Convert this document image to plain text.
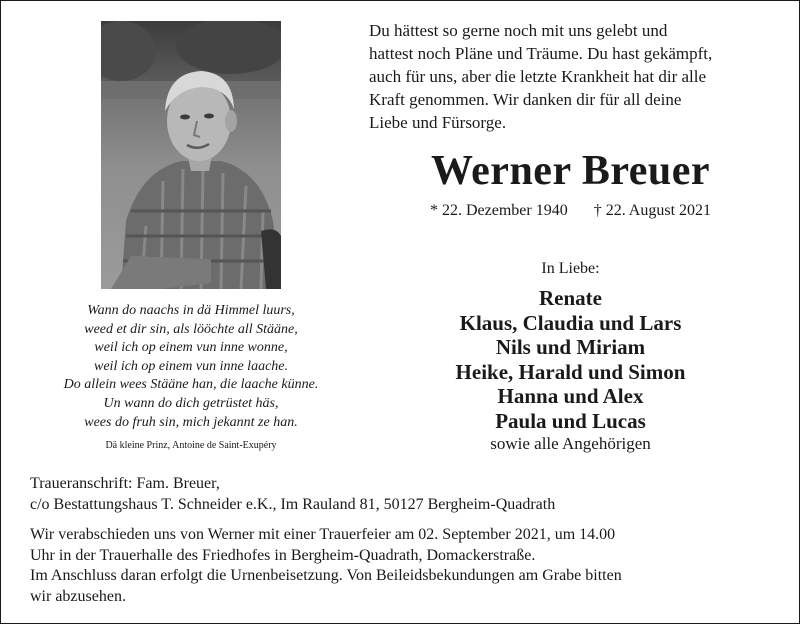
Du hättest so gerne noch mit uns gelebt und
hattest noch Pläne und Träume. Du hast gekämpft,
auch für uns, aber die letzte Krankheit hat dir alle
Kraft genommen. Wir danken dir für all deine
Liebe und Fürsorge.
Werner Breuer
* 22. Dezember 1940 † 22. August 2021
In Liebe:
Renate
Klaus, Claudia und Lars
Nils und Miriam
Heike, Harald und Simon
Hanna und Alex
Paula und Lucas
sowie alle Angehörigen
Wann do naachs in dä Himmel luurs,
weed et dir sin, als lööchte all Stääne,
weil ich op einem vun inne wonne,
weil ich op einem vun inne laache.
Do allein wees Stääne han, die laache künne.
Un wann do dich getrüstet häs,
wees do fruh sin, mich jekannt ze han.
Dä kleine Prinz, Antoine de Saint-Exupéry
Traueranschrift: Fam. Breuer,
c/o Bestattungshaus T. Schneider e.K., Im Rauland 81, 50127 Bergheim-Quadrath
Wir verabschieden uns von Werner mit einer Trauerfeier am 02. September 2021, um 14.00
Uhr in der Trauerhalle des Friedhofes in Bergheim-Quadrath, Domackerstraße.
Im Anschluss daran erfolgt die Urnenbeisetzung. Von Beileidsbekundungen am Grabe bitten
wir abzusehen.
